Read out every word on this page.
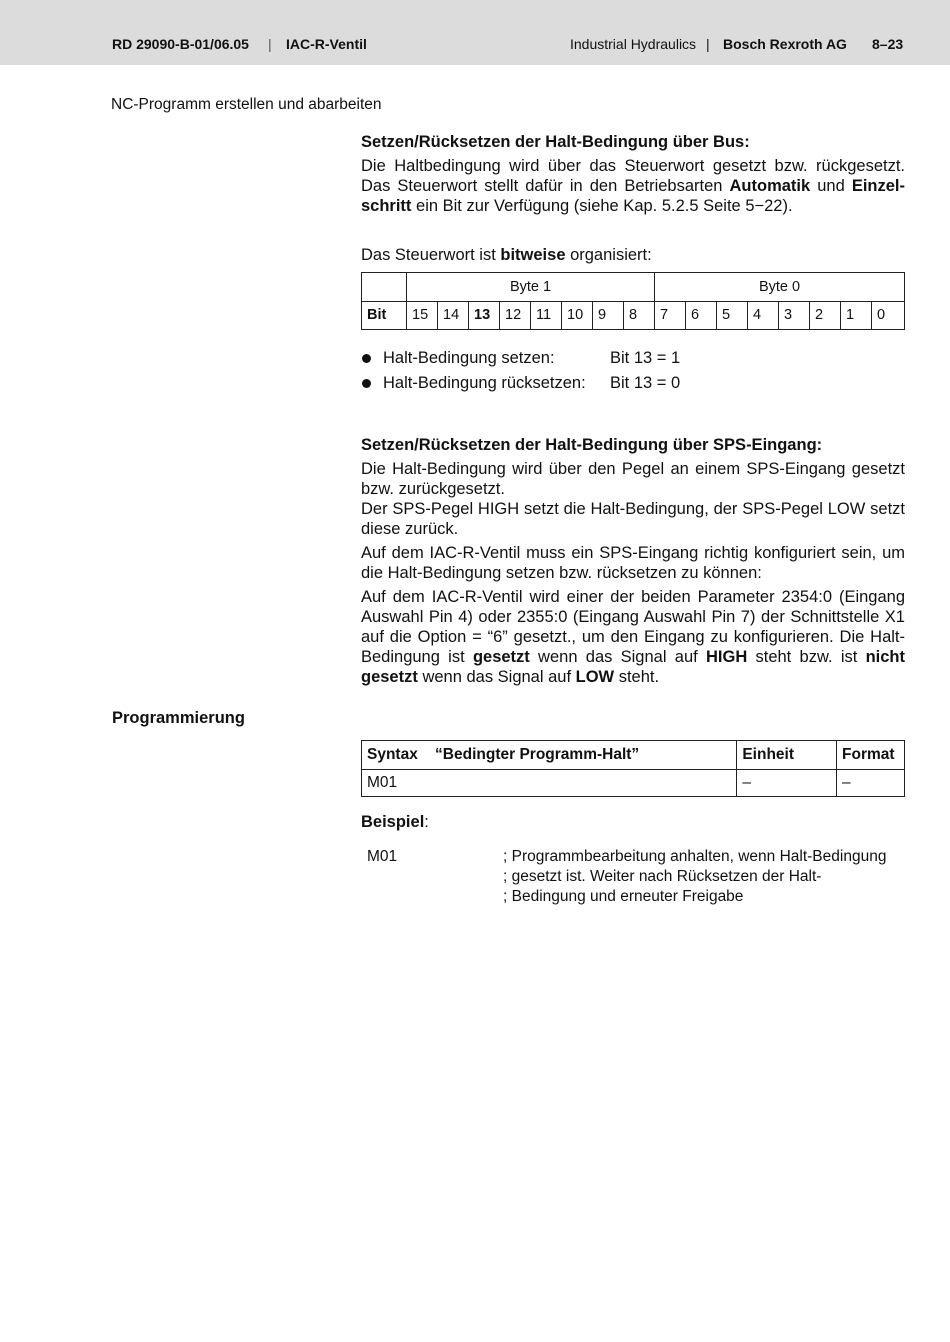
RD 29090-B-01/06.05 | IAC-R-Ventil	Industrial Hydraulics | Bosch Rexroth AG 8–23
NC-Programm erstellen und abarbeiten
Setzen/Rücksetzen der Halt-Bedingung über Bus:
Die Haltbedingung wird über das Steuerwort gesetzt bzw. rückgesetzt. Das Steuerwort stellt dafür in den Betriebsarten Automatik und Einzel-schritt ein Bit zur Verfügung (siehe Kap. 5.2.5 Seite 5−22).
Das Steuerwort ist bitweise organisiert:
	Byte 1								Byte 0							
Bit	15	14	13	12	11	10	9	8	7	6	5	4	3	2	1	0
Halt-Bedingung setzen:	Bit 13 = 1
Halt-Bedingung rücksetzen: Bit 13 = 0
Setzen/Rücksetzen der Halt-Bedingung über SPS-Eingang:
Die Halt-Bedingung wird über den Pegel an einem SPS-Eingang gesetzt bzw. zurückgesetzt.
Der SPS-Pegel HIGH setzt die Halt-Bedingung, der SPS-Pegel LOW setzt diese zurück.
Auf dem IAC-R-Ventil muss ein SPS-Eingang richtig konfiguriert sein, um die Halt-Bedingung setzen bzw. rücksetzen zu können:
Auf dem IAC-R-Ventil wird einer der beiden Parameter 2354:0 (Eingang Auswahl Pin 4) oder 2355:0 (Eingang Auswahl Pin 7) der Schnittstelle X1 auf die Option = “6” gesetzt., um den Eingang zu konfigurieren. Die Halt-Bedingung ist gesetzt wenn das Signal auf HIGH steht bzw. ist nicht gesetzt wenn das Signal auf LOW steht.
Programmierung
Syntax    “Bedingter Programm-Halt”	Einheit	Format
M01	–	–
Beispiel:
M01	; Programmbearbeitung anhalten, wenn Halt-Bedingung
; gesetzt ist. Weiter nach Rücksetzen der Halt-
; Bedingung und erneuter Freigabe
